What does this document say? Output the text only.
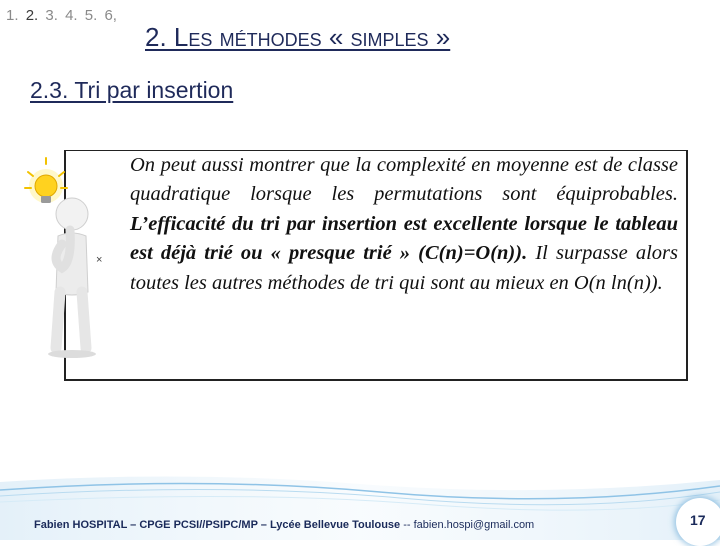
1. 2. 3. 4. 5. 6,
2. Les méthodes « simples »
2.3. Tri par insertion
×
On peut aussi montrer que la complexité en moyenne est de classe quadratique lorsque les permutations sont équiprobables. L’efficacité du tri par insertion est excellente lorsque le tableau est déjà trié ou « presque trié » (C(n)=O(n)). Il surpasse alors toutes les autres méthodes de tri qui sont au mieux en O(n ln(n)).
Fabien HOSPITAL – CPGE PCSI//PSIPC/MP – Lycée Bellevue Toulouse -- fabien.hospi@gmail.com	17
